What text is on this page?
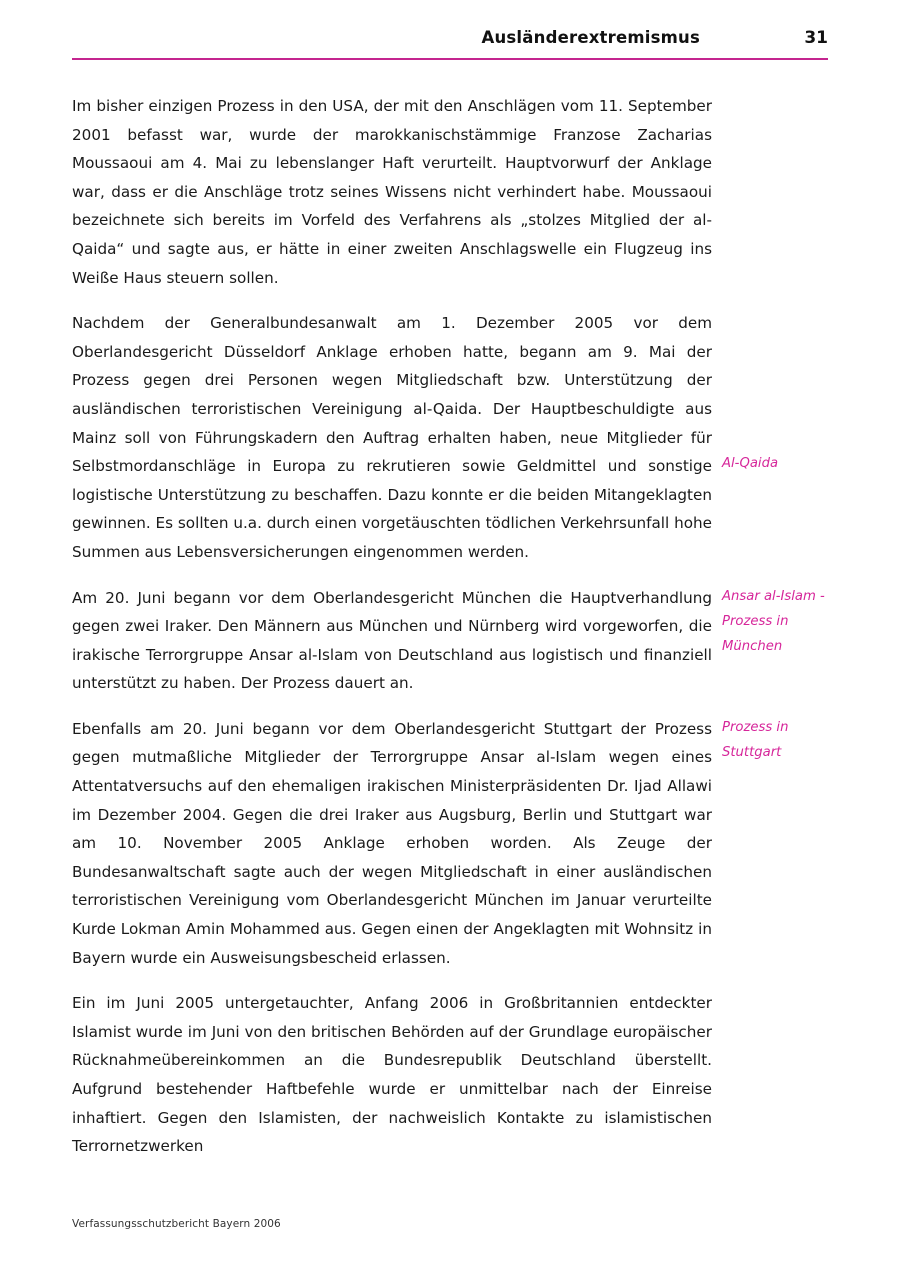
Ausländerextremismus	31
Im bisher einzigen Prozess in den USA, der mit den Anschlägen vom 11. September 2001 befasst war, wurde der marokkanischstämmige Franzose Zacharias Moussaoui am 4. Mai zu lebenslanger Haft verurteilt. Hauptvorwurf der Anklage war, dass er die Anschläge trotz seines Wissens nicht verhindert habe. Moussaoui bezeichnete sich bereits im Vorfeld des Verfahrens als „stolzes Mitglied der al-Qaida“ und sagte aus, er hätte in einer zweiten Anschlagswelle ein Flugzeug ins Weiße Haus steuern sollen.
Nachdem der Generalbundesanwalt am 1. Dezember 2005 vor dem Oberlandesgericht Düsseldorf Anklage erhoben hatte, begann am 9. Mai der Prozess gegen drei Personen wegen Mitgliedschaft bzw. Unterstützung der ausländischen terroristischen Vereinigung al-Qaida. Der Hauptbeschuldigte aus Mainz soll von Führungskadern den Auftrag erhalten haben, neue Mitglieder für Selbstmordanschläge in Europa zu rekrutieren sowie Geldmittel und sonstige logistische Unterstützung zu beschaffen. Dazu konnte er die beiden Mitangeklagten gewinnen. Es sollten u.a. durch einen vorgetäuschten tödlichen Verkehrsunfall hohe Summen aus Lebensversicherungen eingenommen werden.
Al-Qaida
Am 20. Juni begann vor dem Oberlandesgericht München die Hauptverhandlung gegen zwei Iraker. Den Männern aus München und Nürnberg wird vorgeworfen, die irakische Terrorgruppe Ansar al-Islam von Deutschland aus logistisch und finanziell unterstützt zu haben. Der Prozess dauert an.
Ansar al-Islam - Prozess in München
Ebenfalls am 20. Juni begann vor dem Oberlandesgericht Stuttgart der Prozess gegen mutmaßliche Mitglieder der Terrorgruppe Ansar al-Islam wegen eines Attentatversuchs auf den ehemaligen irakischen Ministerpräsidenten Dr. Ijad Allawi im Dezember 2004. Gegen die drei Iraker aus Augsburg, Berlin und Stuttgart war am 10. November 2005 Anklage erhoben worden. Als Zeuge der Bundesanwaltschaft sagte auch der wegen Mitgliedschaft in einer ausländischen terroristischen Vereinigung vom Oberlandesgericht München im Januar verurteilte Kurde Lokman Amin Mohammed aus. Gegen einen der Angeklagten mit Wohnsitz in Bayern wurde ein Ausweisungsbescheid erlassen.
Prozess in Stuttgart
Ein im Juni 2005 untergetauchter, Anfang 2006 in Großbritannien entdeckter Islamist wurde im Juni von den britischen Behörden auf der Grundlage europäischer Rücknahmeübereinkommen an die Bundesrepublik Deutschland überstellt. Aufgrund bestehender Haftbefehle wurde er unmittelbar nach der Einreise inhaftiert. Gegen den Islamisten, der nachweislich Kontakte zu islamistischen Terrornetzwerken
Verfassungsschutzbericht Bayern 2006
